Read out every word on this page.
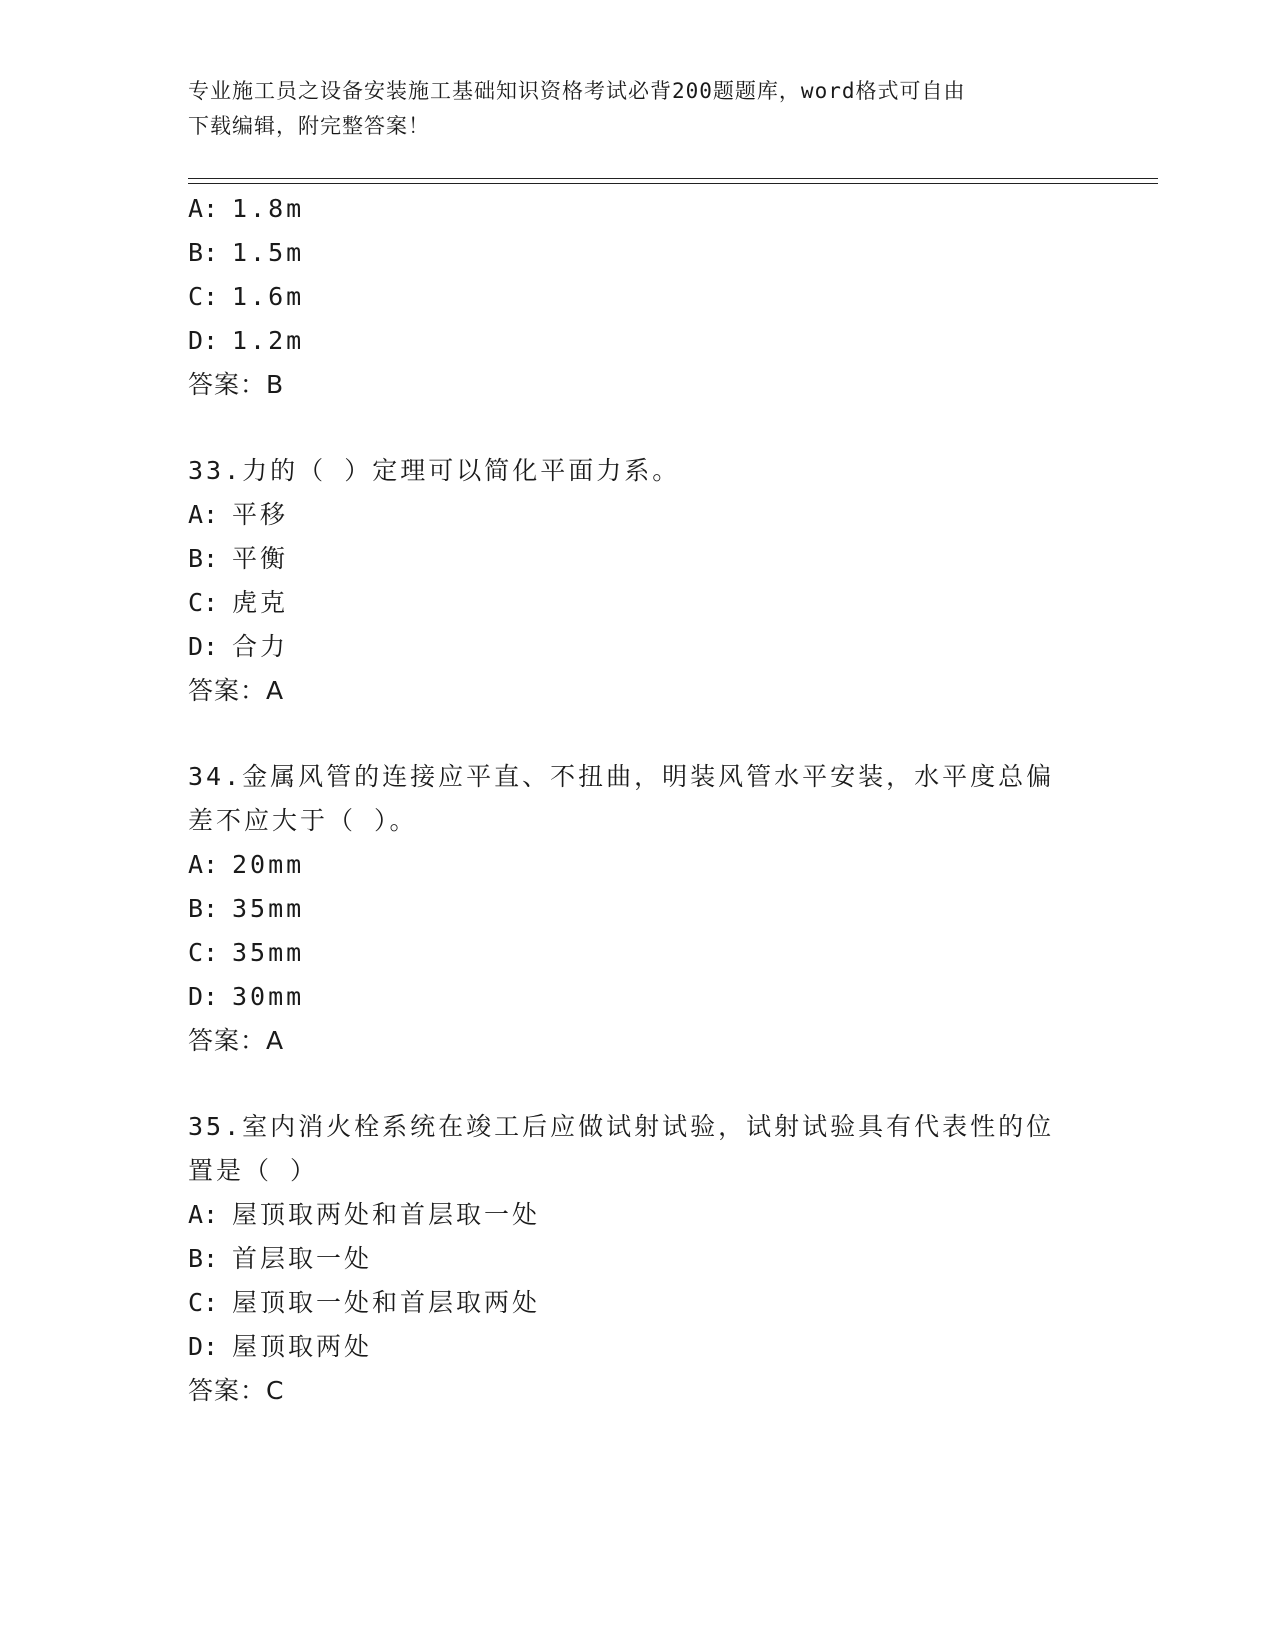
专业施工员之设备安装施工基础知识资格考试必背200题题库，word格式可自由
下载编辑，附完整答案！
A: 1.8m
B: 1.5m
C: 1.6m
D: 1.2m
答案：B
33.力的（ ）定理可以简化平面力系。
A: 平移
B: 平衡
C: 虎克
D: 合力
答案：A
34.金属风管的连接应平直、不扭曲，明装风管水平安装，水平度总偏
差不应大于（ ）。
A: 20mm
B: 35mm
C: 35mm
D: 30mm
答案：A
35.室内消火栓系统在竣工后应做试射试验，试射试验具有代表性的位
置是（ ）
A: 屋顶取两处和首层取一处
B: 首层取一处
C: 屋顶取一处和首层取两处
D: 屋顶取两处
答案：C
